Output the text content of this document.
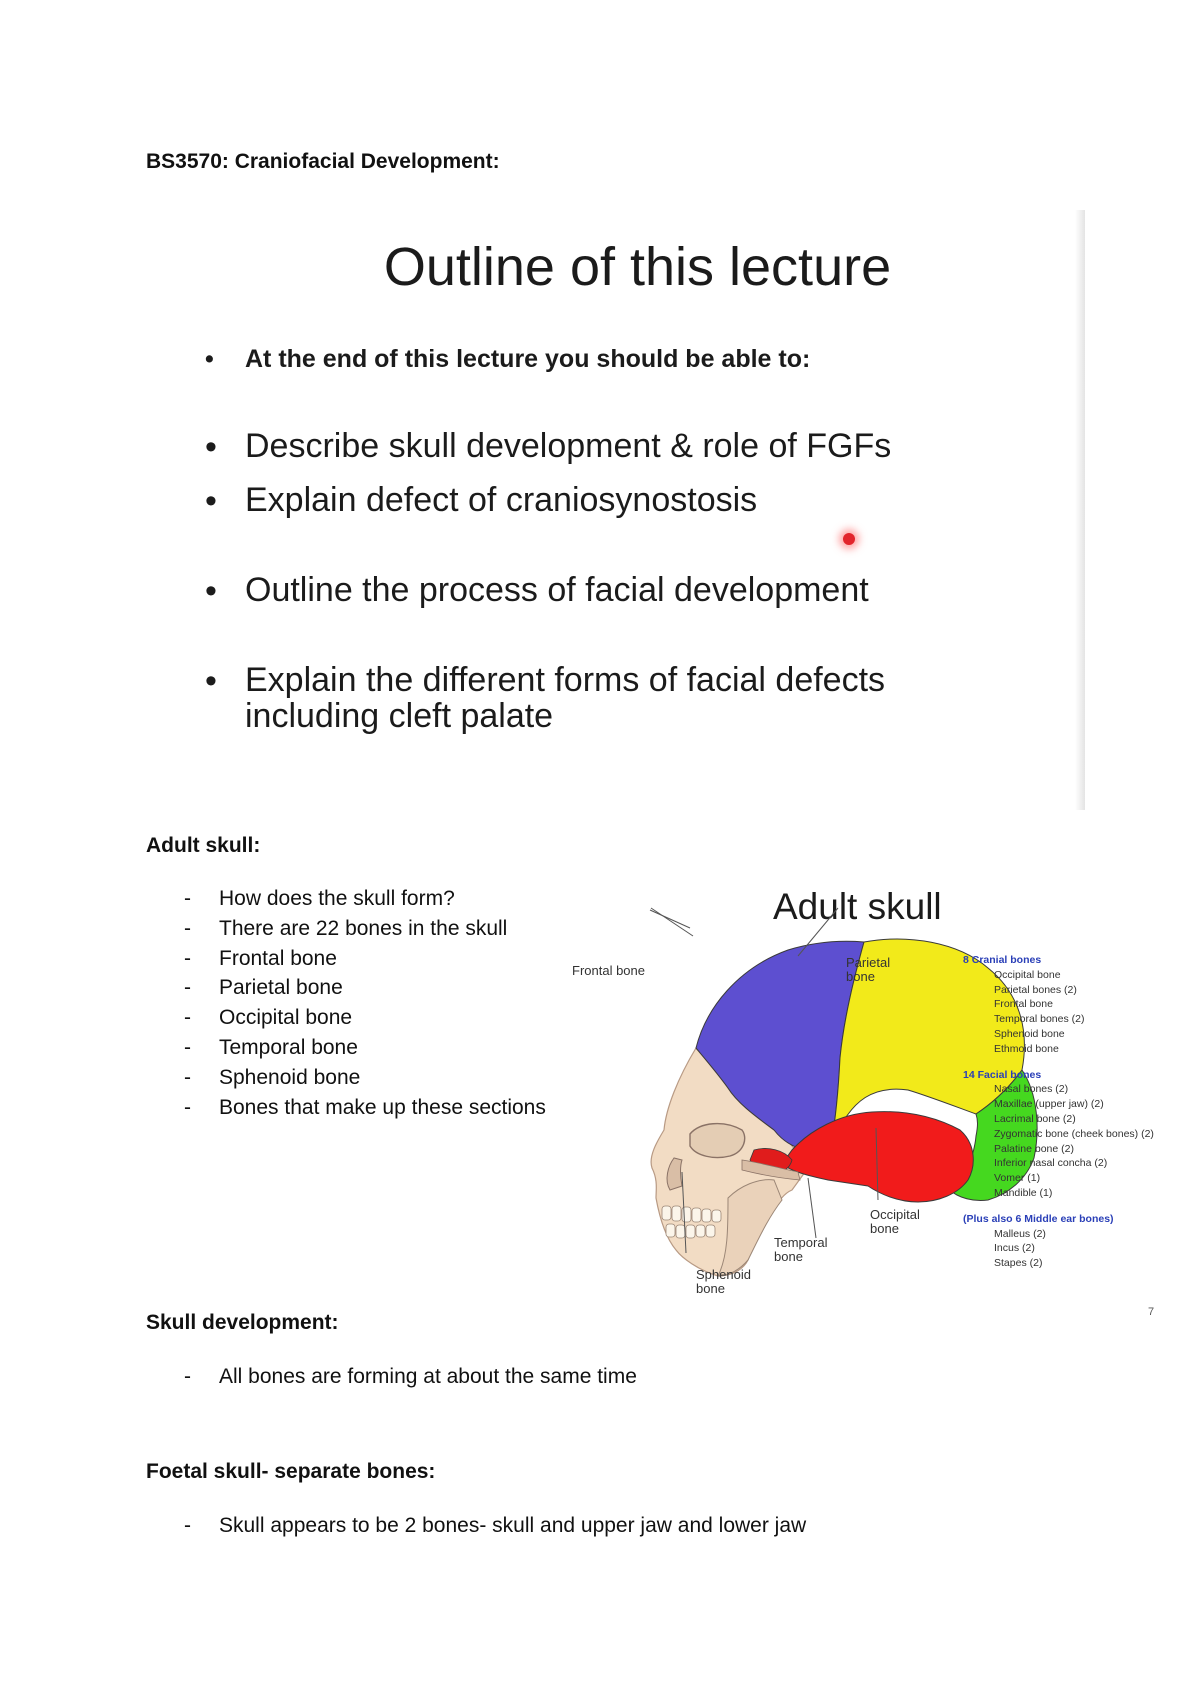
BS3570: Craniofacial Development:
Outline of this lecture
• At the end of this lecture you should be able to:
• Describe skull development & role of FGFs
• Explain defect of craniosynostosis
• Outline the process of facial development
• Explain the different forms of facial defects including cleft palate
Adult skull:
- How does the skull form?
- There are 22 bones in the skull
- Frontal bone
- Parietal bone
- Occipital bone
- Temporal bone
- Sphenoid bone
- Bones that make up these sections
Adult skull
Frontal bone
Parietal bone
Occipital bone
Temporal bone
Sphenoid bone
8 Cranial bones
Occipital bone
Parietal bones (2)
Frontal bone
Temporal bones (2)
Sphenoid bone
Ethmoid bone
14 Facial bones
Nasal bones (2)
Maxillae (upper jaw) (2)
Lacrimal bone (2)
Zygomatic bone (cheek bones) (2)
Palatine bone (2)
Inferior nasal concha (2)
Vomer (1)
Mandible (1)
(Plus also 6 Middle ear bones)
Malleus (2)
Incus (2)
Stapes (2)
7
Skull development:
- All bones are forming at about the same time
Foetal skull- separate bones:
- Skull appears to be 2 bones- skull and upper jaw and lower jaw
